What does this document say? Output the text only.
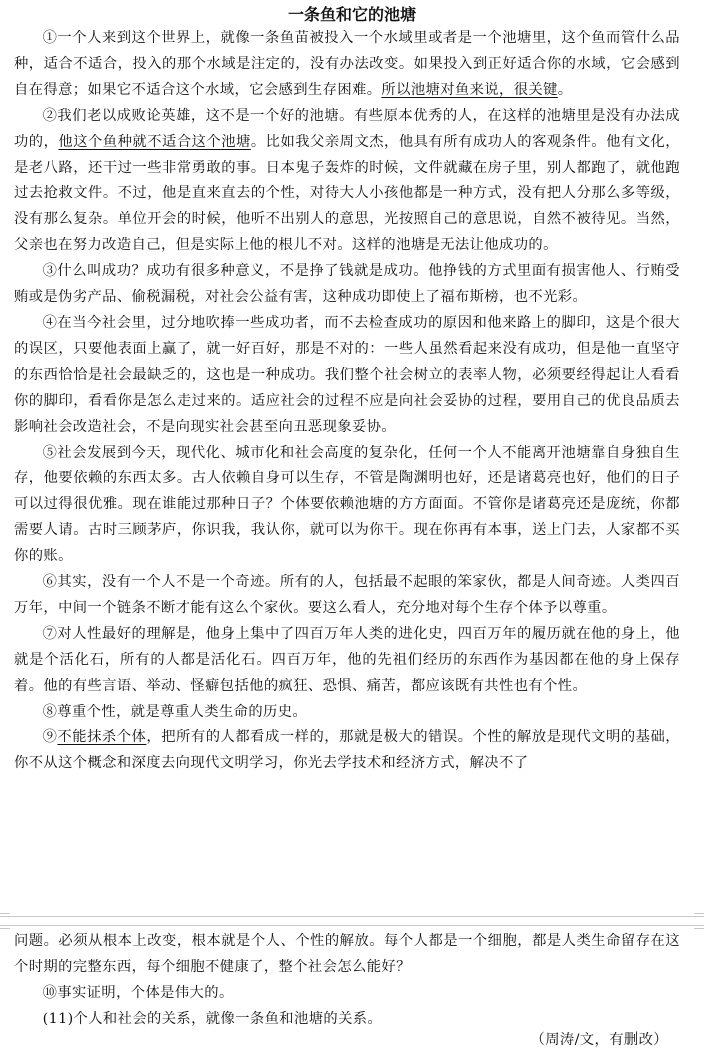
一条鱼和它的池塘

①一个人来到这个世界上，就像一条鱼苗被投入一个水域里或者是一个池塘里，这个鱼而管什么品种，适合不适合，投入的那个水域是注定的，没有办法改变。如果投入到正好适合你的水域，它会感到自在得意；如果它不适合这个水域，它会感到生存困难。所以池塘对鱼来说，很关键。

②我们老以成败论英雄，这不是一个好的池塘。有些原本优秀的人，在这样的池塘里是没有办法成功的，他这个鱼种就不适合这个池塘。比如我父亲周文杰，他具有所有成功人的客观条件。他有文化，是老八路，还干过一些非常勇敢的事。日本鬼子轰炸的时候，文件就藏在房子里，别人都跑了，就他跑过去抢救文件。不过，他是直来直去的个性，对待大人小孩他都是一种方式，没有把人分那么多等级，没有那么复杂。单位开会的时候，他听不出别人的意思，光按照自己的意思说，自然不被待见。当然，父亲也在努力改造自己，但是实际上他的根儿不对。这样的池塘是无法让他成功的。

③什么叫成功？成功有很多种意义，不是挣了钱就是成功。他挣钱的方式里面有损害他人、行贿受贿或是伪劣产品、偷税漏税，对社会公益有害，这种成功即使上了福布斯榜，也不光彩。

④在当今社会里，过分地吹捧一些成功者，而不去检查成功的原因和他来路上的脚印，这是个很大的误区，只要他表面上赢了，就一好百好，那是不对的：一些人虽然看起来没有成功，但是他一直坚守的东西恰恰是社会最缺乏的，这也是一种成功。我们整个社会树立的表率人物，必须要经得起让人看看你的脚印，看看你是怎么走过来的。适应社会的过程不应是向社会妥协的过程，要用自己的优良品质去影响社会改造社会，不是向现实社会甚至向丑恶现象妥协。

⑤社会发展到今天，现代化、城市化和社会高度的复杂化，任何一个人不能离开池塘靠自身独自生存，他要依赖的东西太多。古人依赖自身可以生存，不管是陶渊明也好，还是诸葛亮也好，他们的日子可以过得很优雅。现在谁能过那种日子？个体要依赖池塘的方方面面。不管你是诸葛亮还是庞统，你都需要人请。古时三顾茅庐，你识我，我认你，就可以为你干。现在你再有本事，送上门去，人家都不买你的账。

⑥其实，没有一个人不是一个奇迹。所有的人，包括最不起眼的笨家伙，都是人间奇迹。人类四百万年，中间一个链条不断才能有这么个家伙。要这么看人，充分地对每个生存个体予以尊重。

⑦对人性最好的理解是，他身上集中了四百万年人类的进化史，四百万年的履历就在他的身上，他就是个活化石，所有的人都是活化石。四百万年，他的先祖们经历的东西作为基因都在他的身上保存着。他的有些言语、举动、怪癖包括他的疯狂、恐惧、痛苦，都应该既有共性也有个性。

⑧尊重个性，就是尊重人类生命的历史。

⑨不能抹杀个体，把所有的人都看成一样的，那就是极大的错误。个性的解放是现代文明的基础，你不从这个概念和深度去向现代文明学习，你光去学技术和经济方式，解决不了

问题。必须从根本上改变，根本就是个人、个性的解放。每个人都是一个细胞，都是人类生命留存在这个时期的完整东西，每个细胞不健康了，整个社会怎么能好？

⑩事实证明，个体是伟大的。

(11)个人和社会的关系，就像一条鱼和池塘的关系。

（周涛/文，有删改）
